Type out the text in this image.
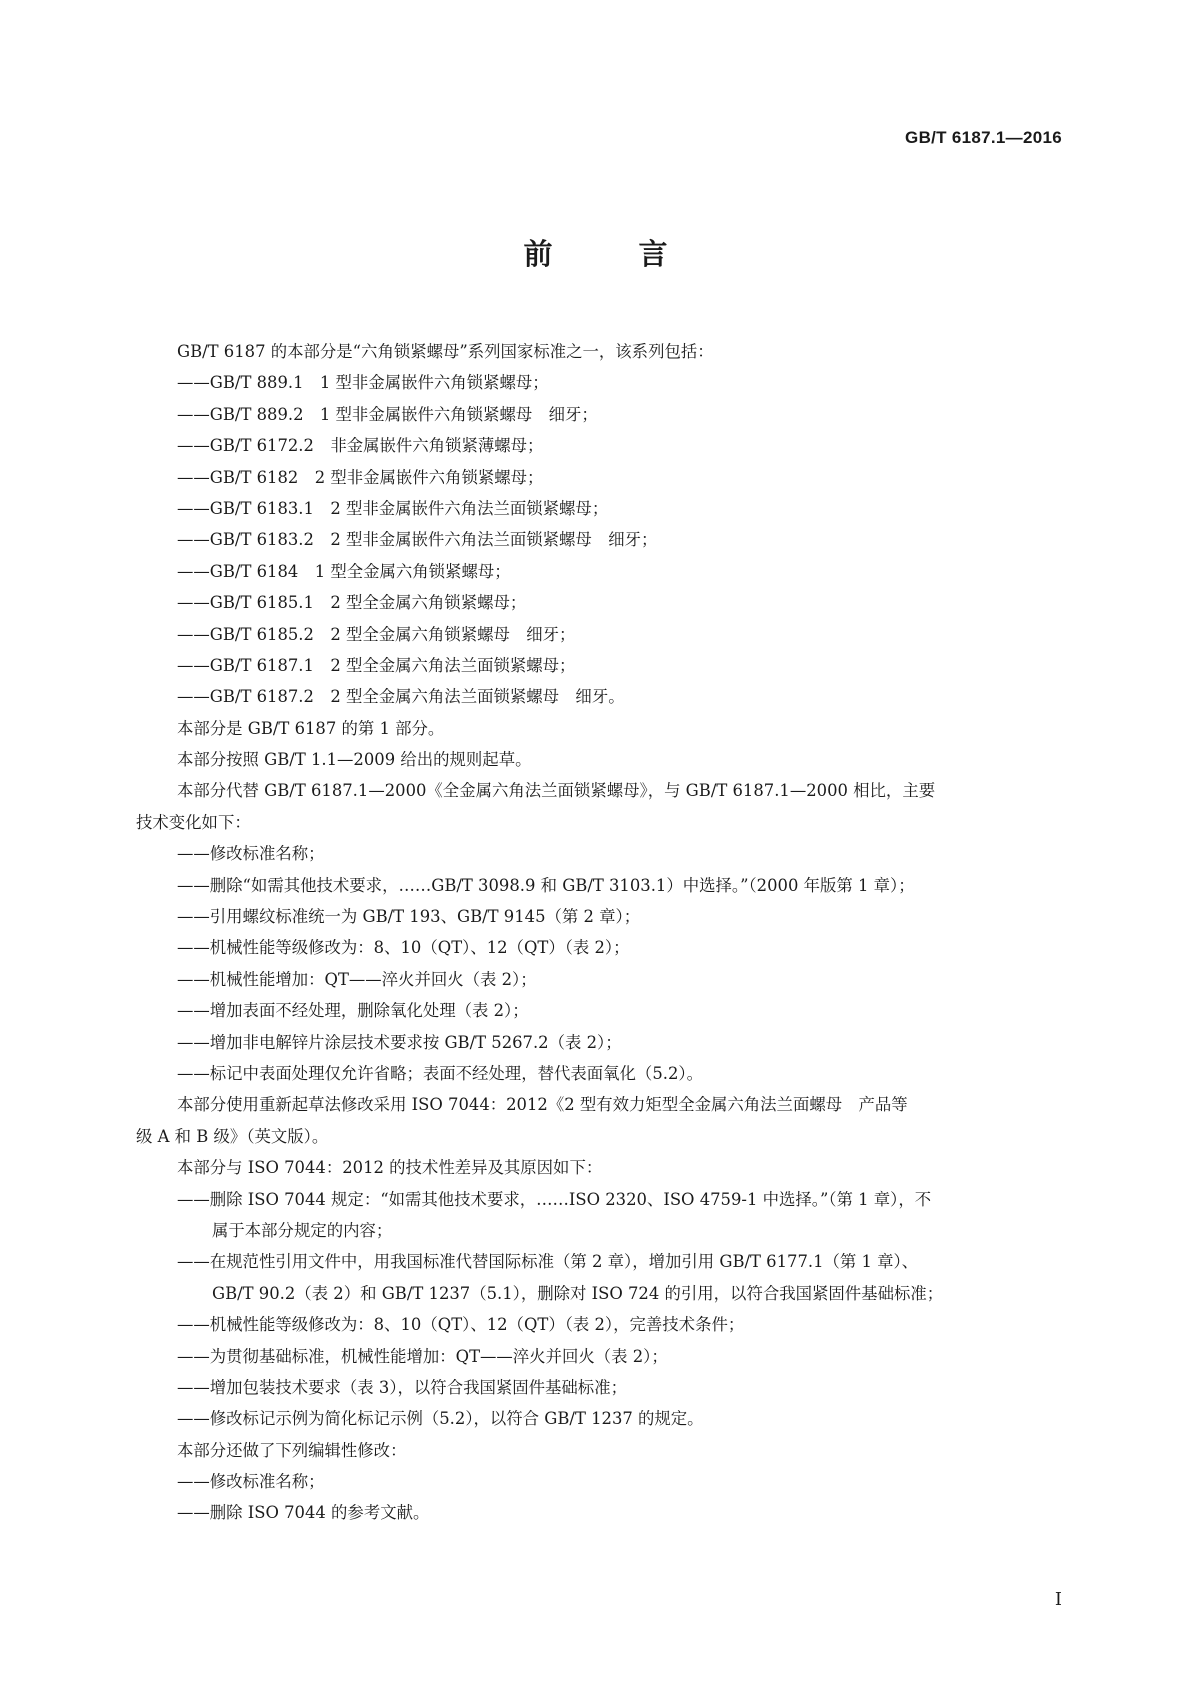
GB/T 6187.1—2016
前 言
GB/T 6187 的本部分是“六角锁紧螺母”系列国家标准之一，该系列包括：
——GB/T 889.1　1 型非金属嵌件六角锁紧螺母；
——GB/T 889.2　1 型非金属嵌件六角锁紧螺母　细牙；
——GB/T 6172.2　非金属嵌件六角锁紧薄螺母；
——GB/T 6182　2 型非金属嵌件六角锁紧螺母；
——GB/T 6183.1　2 型非金属嵌件六角法兰面锁紧螺母；
——GB/T 6183.2　2 型非金属嵌件六角法兰面锁紧螺母　细牙；
——GB/T 6184　1 型全金属六角锁紧螺母；
——GB/T 6185.1　2 型全金属六角锁紧螺母；
——GB/T 6185.2　2 型全金属六角锁紧螺母　细牙；
——GB/T 6187.1　2 型全金属六角法兰面锁紧螺母；
——GB/T 6187.2　2 型全金属六角法兰面锁紧螺母　细牙。
本部分是 GB/T 6187 的第 1 部分。
本部分按照 GB/T 1.1—2009 给出的规则起草。
本部分代替 GB/T 6187.1—2000《全金属六角法兰面锁紧螺母》，与 GB/T 6187.1—2000 相比，主要
技术变化如下：
——修改标准名称；
——删除“如需其他技术要求，……GB/T 3098.9 和 GB/T 3103.1）中选择。”（2000 年版第 1 章）；
——引用螺纹标准统一为 GB/T 193、GB/T 9145（第 2 章）；
——机械性能等级修改为：8、10（QT）、12（QT）（表 2）；
——机械性能增加：QT——淬火并回火（表 2）；
——增加表面不经处理，删除氧化处理（表 2）；
——增加非电解锌片涂层技术要求按 GB/T 5267.2（表 2）；
——标记中表面处理仅允许省略；表面不经处理，替代表面氧化（5.2）。
本部分使用重新起草法修改采用 ISO 7044：2012《2 型有效力矩型全金属六角法兰面螺母　产品等
级 A 和 B 级》（英文版）。
本部分与 ISO 7044：2012 的技术性差异及其原因如下：
——删除 ISO 7044 规定：“如需其他技术要求，……ISO 2320、ISO 4759-1 中选择。”（第 1 章），不
属于本部分规定的内容；
——在规范性引用文件中，用我国标准代替国际标准（第 2 章），增加引用 GB/T 6177.1（第 1 章）、
GB/T 90.2（表 2）和 GB/T 1237（5.1），删除对 ISO 724 的引用，以符合我国紧固件基础标准；
——机械性能等级修改为：8、10（QT）、12（QT）（表 2），完善技术条件；
——为贯彻基础标准，机械性能增加：QT——淬火并回火（表 2）；
——增加包装技术要求（表 3），以符合我国紧固件基础标准；
——修改标记示例为简化标记示例（5.2），以符合 GB/T 1237 的规定。
本部分还做了下列编辑性修改：
——修改标准名称；
——删除 ISO 7044 的参考文献。
I
